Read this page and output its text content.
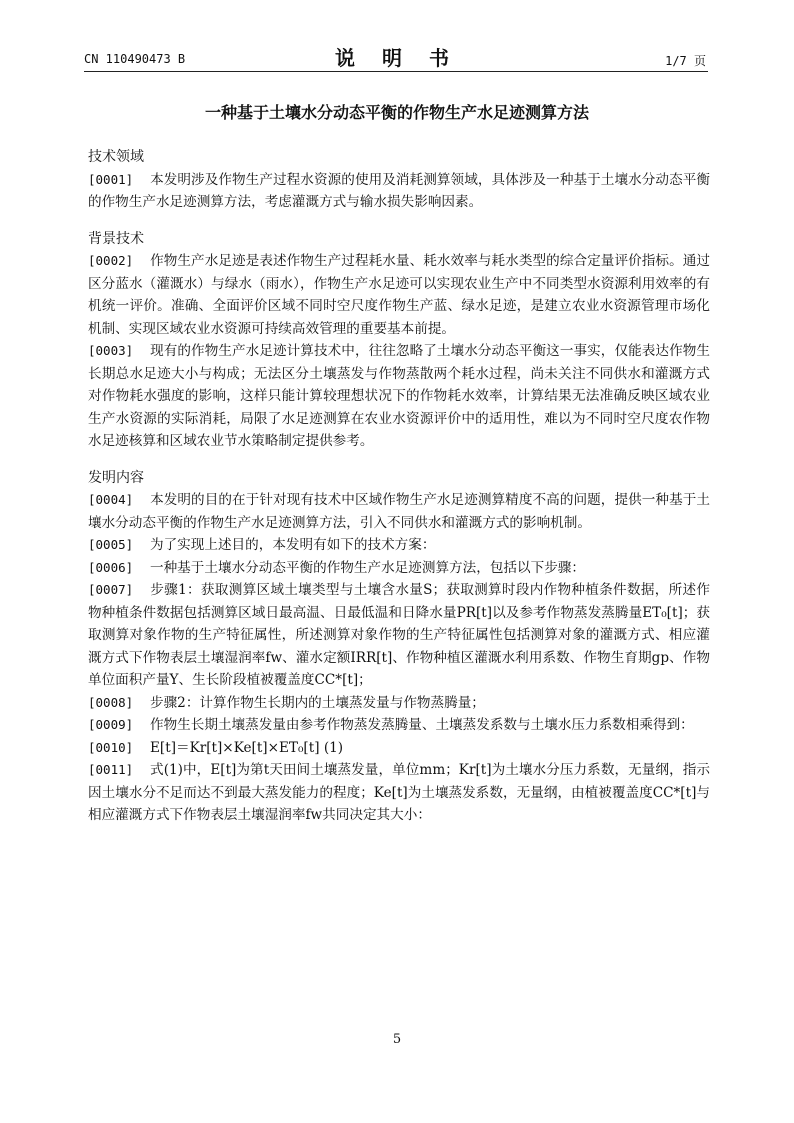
CN 110490473 B	说 明 书	1/7 页
一种基于土壤水分动态平衡的作物生产水足迹测算方法
技术领域
[0001] 本发明涉及作物生产过程水资源的使用及消耗测算领域，具体涉及一种基于土壤水分动态平衡的作物生产水足迹测算方法，考虑灌溉方式与输水损失影响因素。
背景技术
[0002] 作物生产水足迹是表述作物生产过程耗水量、耗水效率与耗水类型的综合定量评价指标。通过区分蓝水（灌溉水）与绿水（雨水），作物生产水足迹可以实现农业生产中不同类型水资源利用效率的有机统一评价。准确、全面评价区域不同时空尺度作物生产蓝、绿水足迹，是建立农业水资源管理市场化机制、实现区域农业水资源可持续高效管理的重要基本前提。
[0003] 现有的作物生产水足迹计算技术中，往往忽略了土壤水分动态平衡这一事实，仅能表达作物生长期总水足迹大小与构成；无法区分土壤蒸发与作物蒸散两个耗水过程，尚未关注不同供水和灌溉方式对作物耗水强度的影响，这样只能计算较理想状况下的作物耗水效率，计算结果无法准确反映区域农业生产水资源的实际消耗，局限了水足迹测算在农业水资源评价中的适用性，难以为不同时空尺度农作物水足迹核算和区域农业节水策略制定提供参考。
发明内容
[0004] 本发明的目的在于针对现有技术中区域作物生产水足迹测算精度不高的问题，提供一种基于土壤水分动态平衡的作物生产水足迹测算方法，引入不同供水和灌溉方式的影响机制。
[0005] 为了实现上述目的，本发明有如下的技术方案：
[0006] 一种基于土壤水分动态平衡的作物生产水足迹测算方法，包括以下步骤：
[0007] 步骤1：获取测算区域土壤类型与土壤含水量S；获取测算时段内作物种植条件数据，所述作物种植条件数据包括测算区域日最高温、日最低温和日降水量PR[t]以及参考作物蒸发蒸腾量ET₀[t]；获取测算对象作物的生产特征属性，所述测算对象作物的生产特征属性包括测算对象的灌溉方式、相应灌溉方式下作物表层土壤湿润率fw、灌水定额IRR[t]、作物种植区灌溉水利用系数、作物生育期gp、作物单位面积产量Y、生长阶段植被覆盖度CC*[t]；
[0008] 步骤2：计算作物生长期内的土壤蒸发量与作物蒸腾量；
[0009] 作物生长期土壤蒸发量由参考作物蒸发蒸腾量、土壤蒸发系数与土壤水压力系数相乘得到：
[0010] E[t]＝Kr[t]×Ke[t]×ET₀[t] (1)
[0011] 式(1)中，E[t]为第t天田间土壤蒸发量，单位mm；Kr[t]为土壤水分压力系数，无量纲，指示因土壤水分不足而达不到最大蒸发能力的程度；Ke[t]为土壤蒸发系数，无量纲，由植被覆盖度CC*[t]与相应灌溉方式下作物表层土壤湿润率fw共同决定其大小：
5
